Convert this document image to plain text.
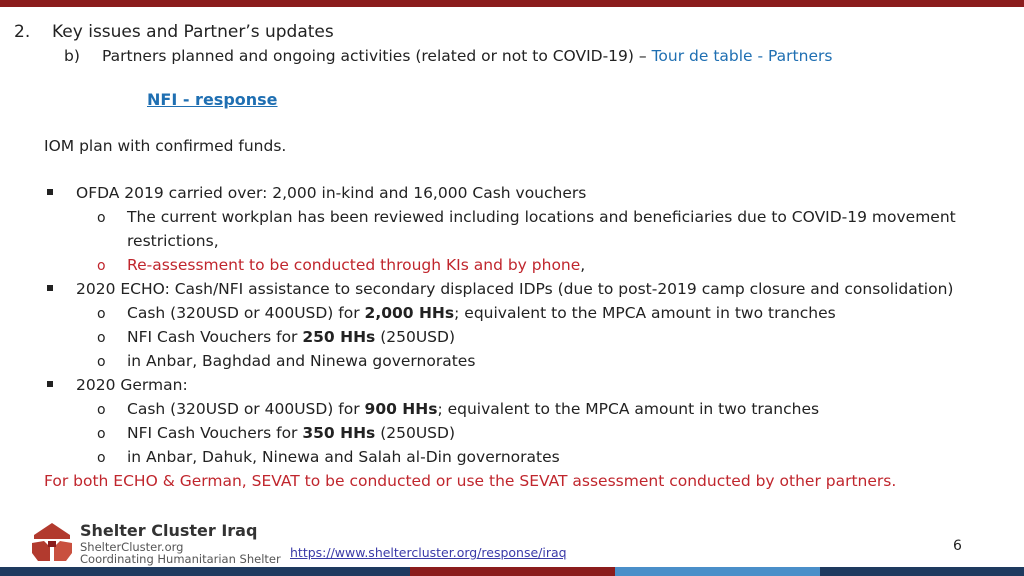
2. Key issues and Partner’s updates
b) Partners planned and ongoing activities (related or not to COVID-19) – Tour de table - Partners
NFI - response
IOM plan with confirmed funds.
OFDA 2019 carried over: 2,000 in-kind and 16,000 Cash vouchers
o The current workplan has been reviewed including locations and beneficiaries due to COVID-19 movement
restrictions,
o Re-assessment to be conducted through KIs and by phone,
2020 ECHO: Cash/NFI assistance to secondary displaced IDPs (due to post-2019 camp closure and consolidation)
o Cash (320USD or 400USD) for 2,000 HHs; equivalent to the MPCA amount in two tranches
o NFI Cash Vouchers for 250 HHs (250USD)
o in Anbar, Baghdad and Ninewa governorates
2020 German:
o Cash (320USD or 400USD) for 900 HHs; equivalent to the MPCA amount in two tranches
o NFI Cash Vouchers for 350 HHs (250USD)
o in Anbar, Dahuk, Ninewa and Salah al-Din governorates
For both ECHO & German, SEVAT to be conducted or use the SEVAT assessment conducted by other partners.
Shelter Cluster Iraq
ShelterCluster.org
Coordinating Humanitarian Shelter https://www.sheltercluster.org/response/iraq	6
